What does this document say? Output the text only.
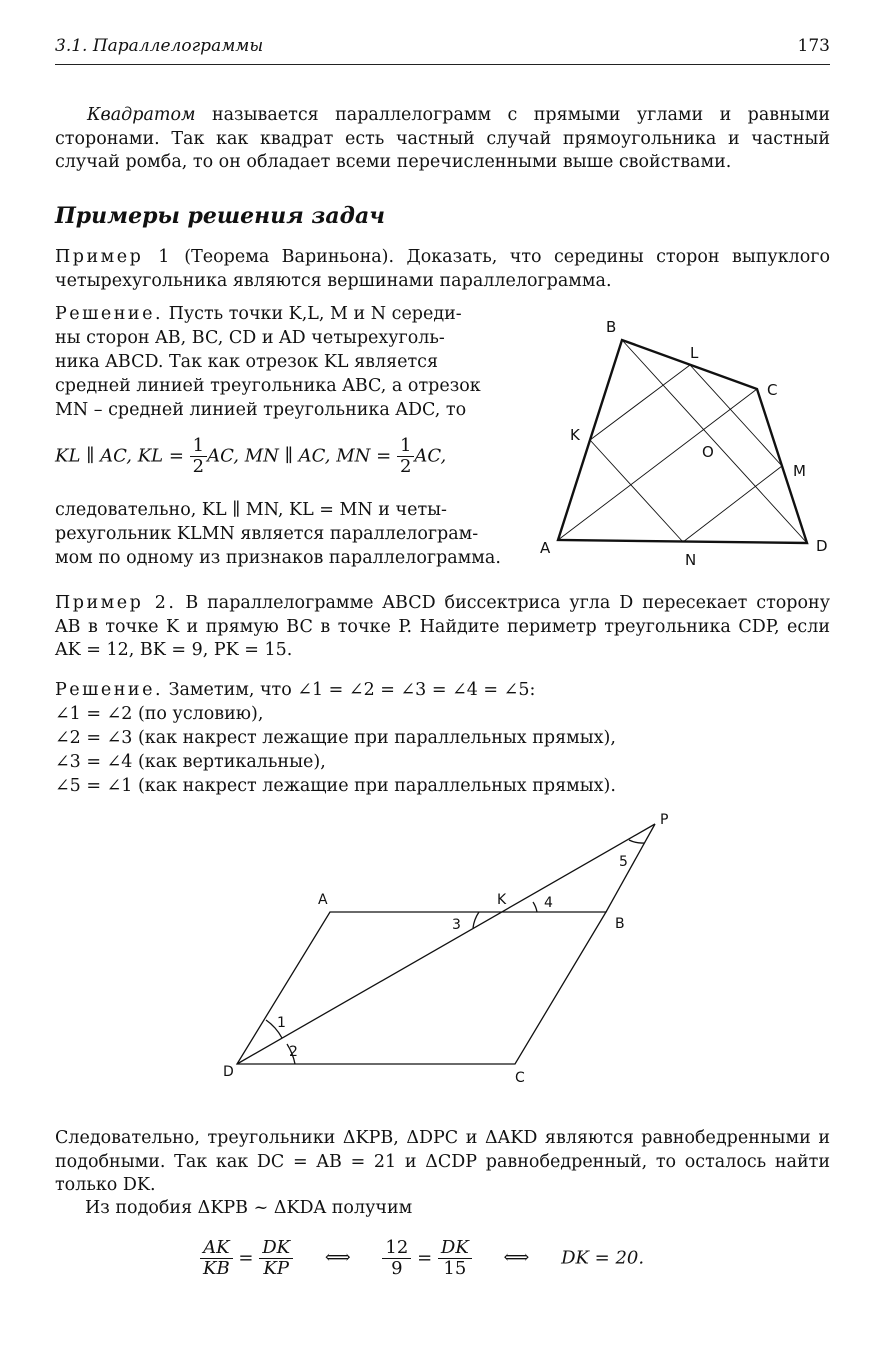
3.1. Параллелограммы	173
Квадратом называется параллелограмм с прямыми углами и равными сторонами. Так как квадрат есть частный случай прямоугольника и частный случай ромба, то он обладает всеми перечисленными выше свойствами.
Примеры решения задач
Пример 1 (Теорема Вариньона). Доказать, что середины сторон выпуклого четырехугольника являются вершинами параллелограмма.
Решение. Пусть точки K,L, M и N середи-
ны сторон AB, BC, CD и AD четырехуголь-
ника ABCD. Так как отрезок KL является
средней линией треугольника ABC, а отрезок
MN – средней линией треугольника ADC, то
KL ∥ AC, KL = $\frac{1}{2}$ AC, MN ∥ AC, MN = $\frac{1}{2}$ AC,
следовательно, KL ∥ MN, KL = MN и четы-
рехугольник KLMN является параллелограм-
мом по одному из признаков параллелограмма.
B
L
C
K
O
M
A	D
N
Пример 2. В параллелограмме ABCD биссектриса угла D пересекает сторону AB в точке K и прямую BC в точке P. Найдите периметр треугольника CDP, если AK = 12, BK = 9, PK = 15.
Решение. Заметим, что ∠1 = ∠2 = ∠3 = ∠4 = ∠5:
∠1 = ∠2 (по условию),
∠2 = ∠3 (как накрест лежащие при параллельных прямых),
∠3 = ∠4 (как вертикальные),
∠5 = ∠1 (как накрест лежащие при параллельных прямых).
A	K
B
P
D	C
1
2
3
4
5
Следовательно, треугольники ΔKPB, ΔDPC и ΔAKD являются равнобедренными и подобными. Так как DC = AB = 21 и ΔCDP равнобедренный, то осталось найти только DK.
Из подобия ΔKPB ~ ΔKDA получим
$\frac{AK}{KB} = \frac{DK}{KP}$ ⟺ $\frac{12}{9} = \frac{DK}{15}$ ⟺ DK = 20.
